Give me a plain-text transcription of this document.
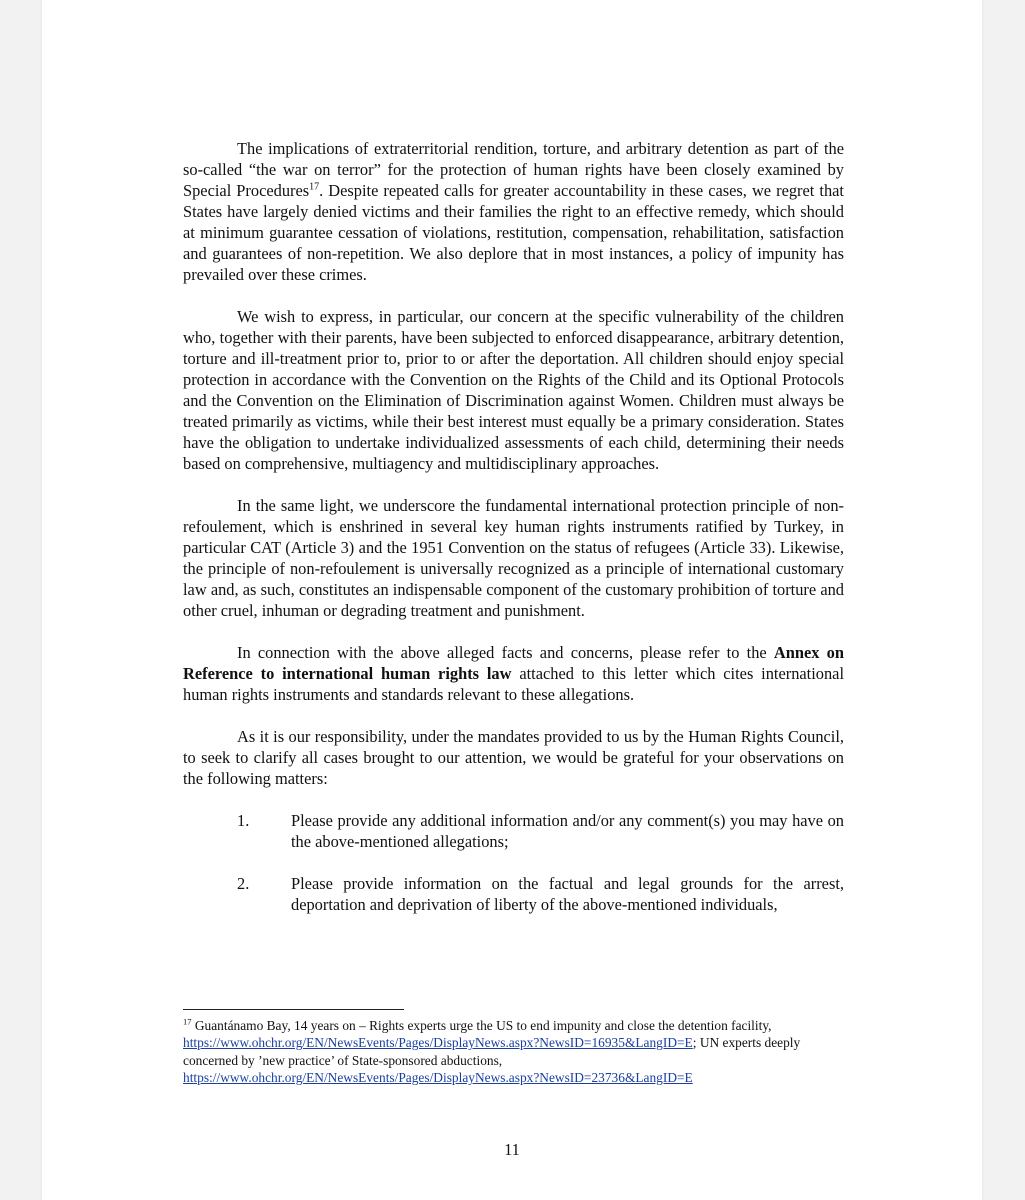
The implications of extraterritorial rendition, torture, and arbitrary detention as part of the so-called “the war on terror” for the protection of human rights have been closely examined by Special Procedures$^{17}$. Despite repeated calls for greater accountability in these cases, we regret that States have largely denied victims and their families the right to an effective remedy, which should at minimum guarantee cessation of violations, restitution, compensation, rehabilitation, satisfaction and guarantees of non-repetition. We also deplore that in most instances, a policy of impunity has prevailed over these crimes.

We wish to express, in particular, our concern at the specific vulnerability of the children who, together with their parents, have been subjected to enforced disappearance, arbitrary detention, torture and ill-treatment prior to, prior to or after the deportation. All children should enjoy special protection in accordance with the Convention on the Rights of the Child and its Optional Protocols and the Convention on the Elimination of Discrimination against Women. Children must always be treated primarily as victims, while their best interest must equally be a primary consideration. States have the obligation to undertake individualized assessments of each child, determining their needs based on comprehensive, multiagency and multidisciplinary approaches.

In the same light, we underscore the fundamental international protection principle of non-refoulement, which is enshrined in several key human rights instruments ratified by Turkey, in particular CAT (Article 3) and the 1951 Convention on the status of refugees (Article 33). Likewise, the principle of non-refoulement is universally recognized as a principle of international customary law and, as such, constitutes an indispensable component of the customary prohibition of torture and other cruel, inhuman or degrading treatment and punishment.

In connection with the above alleged facts and concerns, please refer to the Annex on Reference to international human rights law attached to this letter which cites international human rights instruments and standards relevant to these allegations.

As it is our responsibility, under the mandates provided to us by the Human Rights Council, to seek to clarify all cases brought to our attention, we would be grateful for your observations on the following matters:

1.	Please provide any additional information and/or any comment(s) you may have on the above-mentioned allegations;
2.	Please provide information on the factual and legal grounds for the arrest, deportation and deprivation of liberty of the above-mentioned individuals,

$^{17}$ Guantánamo Bay, 14 years on – Rights experts urge the US to end impunity and close the detention facility, https://www.ohchr.org/EN/NewsEvents/Pages/DisplayNews.aspx?NewsID=16935&LangID=E; UN experts deeply concerned by ’new practice’ of State-sponsored abductions, https://www.ohchr.org/EN/NewsEvents/Pages/DisplayNews.aspx?NewsID=23736&LangID=E

11
